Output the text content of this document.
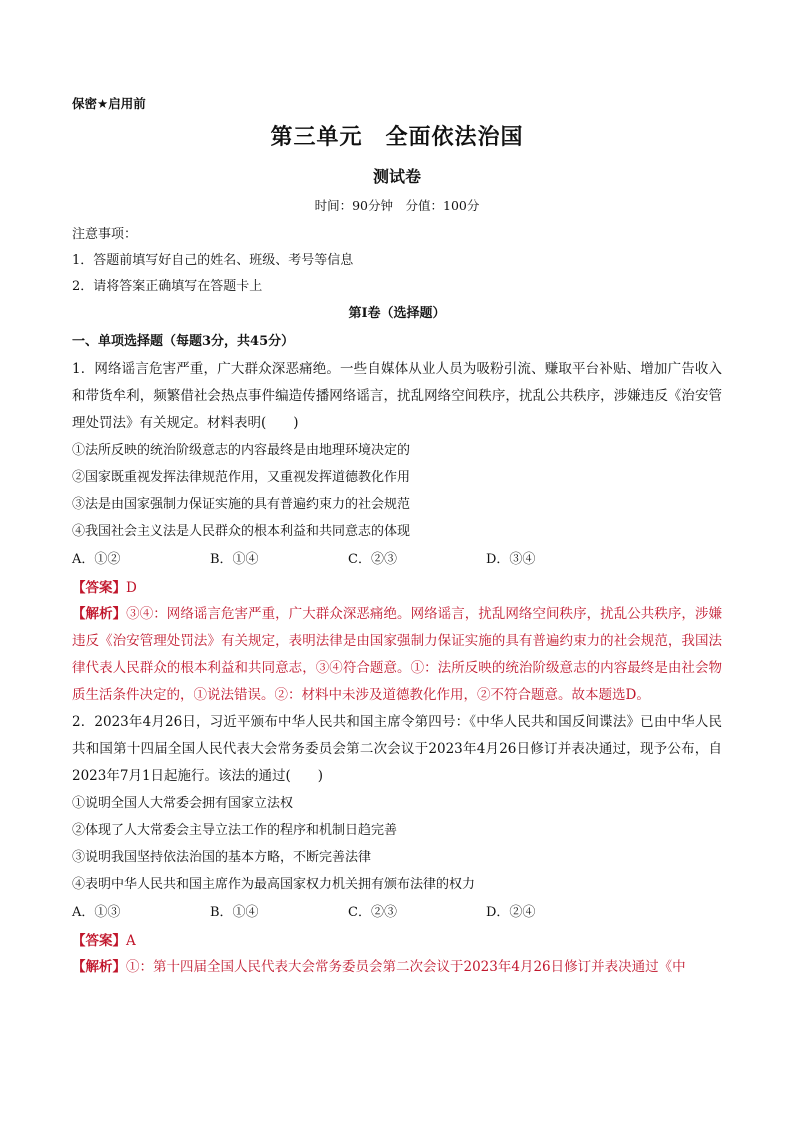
保密★启用前
第三单元　全面依法治国
测试卷
时间：90分钟　分值：100分
注意事项：
1．答题前填写好自己的姓名、班级、考号等信息
2．请将答案正确填写在答题卡上
第I卷（选择题）
一、单项选择题（每题3分，共45分）
1．网络谣言危害严重，广大群众深恶痛绝。一些自媒体从业人员为吸粉引流、赚取平台补贴、增加广告收入和带货牟利，频繁借社会热点事件编造传播网络谣言，扰乱网络空间秩序，扰乱公共秩序，涉嫌违反《治安管理处罚法》有关规定。材料表明(　　)
①法所反映的统治阶级意志的内容最终是由地理环境决定的
②国家既重视发挥法律规范作用，又重视发挥道德教化作用
③法是由国家强制力保证实施的具有普遍约束力的社会规范
④我国社会主义法是人民群众的根本利益和共同意志的体现
A．①②	B．①④	C．②③	D．③④
【答案】D
【解析】③④：网络谣言危害严重，广大群众深恶痛绝。网络谣言，扰乱网络空间秩序，扰乱公共秩序，涉嫌违反《治安管理处罚法》有关规定，表明法律是由国家强制力保证实施的具有普遍约束力的社会规范，我国法律代表人民群众的根本利益和共同意志，③④符合题意。①：法所反映的统治阶级意志的内容最终是由社会物质生活条件决定的，①说法错误。②：材料中未涉及道德教化作用，②不符合题意。故本题选D。
2．2023年4月26日，习近平颁布中华人民共和国主席令第四号：《中华人民共和国反间谍法》已由中华人民共和国第十四届全国人民代表大会常务委员会第二次会议于2023年4月26日修订并表决通过，现予公布，自2023年7月1日起施行。该法的通过(　　)
①说明全国人大常委会拥有国家立法权
②体现了人大常委会主导立法工作的程序和机制日趋完善
③说明我国坚持依法治国的基本方略，不断完善法律
④表明中华人民共和国主席作为最高国家权力机关拥有颁布法律的权力
A．①③	B．①④	C．②③	D．②④
【答案】A
【解析】①：第十四届全国人民代表大会常务委员会第二次会议于2023年4月26日修订并表决通过《中
